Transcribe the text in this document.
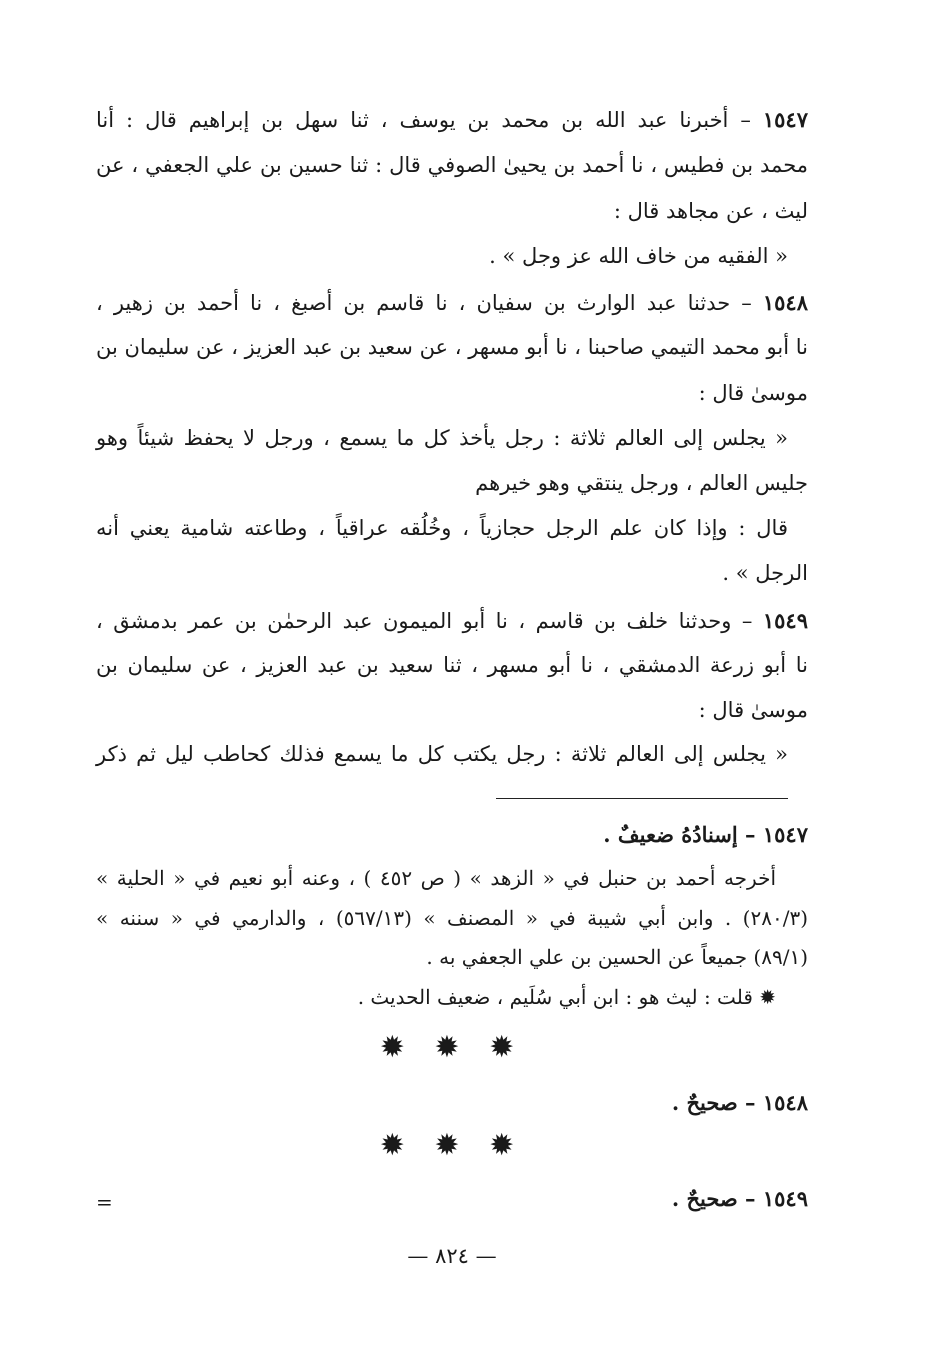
١٥٤٧ – أخبرنا عبد الله بن محمد بن يوسف ، ثنا سهل بن إبراهيم قال : أنا
محمد بن فطيس ، نا أحمد بن يحيىٰ الصوفي قال : ثنا حسين بن علي الجعفي ، عن
ليث ، عن مجاهد قال :
« الفقيه من خاف الله عز وجل » .
١٥٤٨ – حدثنا عبد الوارث بن سفيان ، نا قاسم بن أصبغ ، نا أحمد بن زهير ،
نا أبو محمد التيمي صاحبنا ، نا أبو مسهر ، عن سعيد بن عبد العزيز ، عن سليمان بن
موسىٰ قال :
« يجلس إلى العالم ثلاثة : رجل يأخذ كل ما يسمع ، ورجل لا يحفظ شيئاً وهو
جليس العالم ، ورجل ينتقي وهو خيرهم
قال : وإذا كان علم الرجل حجازياً ، وخُلُقه عراقياً ، وطاعته شامية يعني أنه
الرجل » .
١٥٤٩ – وحدثنا خلف بن قاسم ، نا أبو الميمون عبد الرحمٰن بن عمر بدمشق ،
نا أبو زرعة الدمشقي ، نا أبو مسهر ، ثنا سعيد بن عبد العزيز ، عن سليمان بن
موسىٰ قال :
« يجلس إلى العالم ثلاثة : رجل يكتب كل ما يسمع فذلك كحاطب ليل ثم ذكر
١٥٤٧ – إسنادُهُ ضعيفٌ .
أخرجه أحمد بن حنبل في « الزهد » ( ص ٤٥٢ ) ، وعنه أبو نعيم في « الحلية »
(٢٨٠/٣) . وابن أبي شيبة في « المصنف » (٥٦٧/١٣) ، والدارمي في « سننه »
(٨٩/١) جميعاً عن الحسين بن علي الجعفي به .
✹ قلت : ليث هو : ابن أبي سُلَيم ، ضعيف الحديث .
✹ ✹ ✹
١٥٤٨ – صحيحٌ .
✹ ✹ ✹
١٥٤٩ – صحيحٌ .
— ٨٢٤ —
=
